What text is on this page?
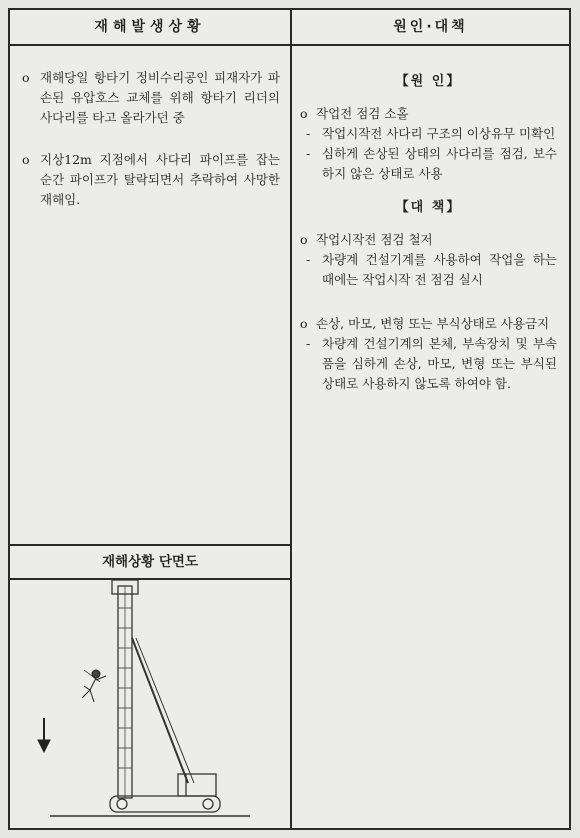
재해발생상황
o 재해당일 항타기 정비수리공인 피재자가 파손된 유압호스 교체를 위해 항타기 리더의 사다리를 타고 올라가던 중
o 지상12m 지점에서 사다리 파이프를 잡는 순간 파이프가 탈락되면서 추락하여 사망한 재해임.
재해상황 단면도
원인·대책
【원 인】
o 작업전 점검 소홀
- 작업시작전 사다리 구조의 이상유무 미확인
- 심하게 손상된 상태의 사다리를 점검, 보수하지 않은 상태로 사용
【대 책】
o 작업시작전 점검 철저
- 차량계 건설기계를 사용하여 작업을 하는 때에는 작업시작 전 점검 실시
o 손상, 마모, 변형 또는 부식상태로 사용금지
- 차량계 건설기계의 본체, 부속장치 및 부속품을 심하게 손상, 마모, 변형 또는 부식된 상태로 사용하지 않도록 하여야 함.
